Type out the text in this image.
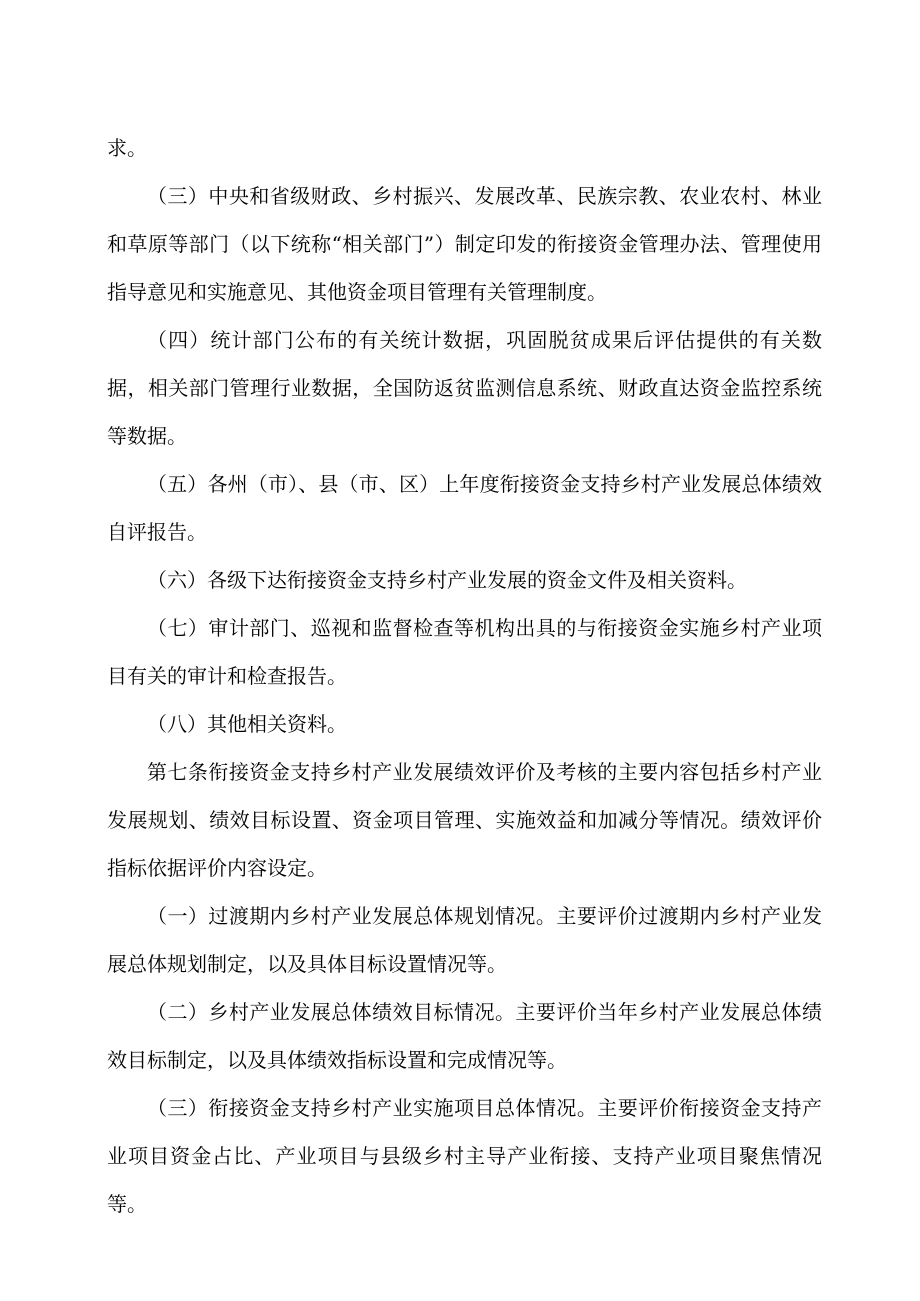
求。

（三）中央和省级财政、乡村振兴、发展改革、民族宗教、农业农村、林业和草原等部门（以下统称“相关部门”）制定印发的衔接资金管理办法、管理使用指导意见和实施意见、其他资金项目管理有关管理制度。

（四）统计部门公布的有关统计数据，巩固脱贫成果后评估提供的有关数据，相关部门管理行业数据，全国防返贫监测信息系统、财政直达资金监控系统等数据。

（五）各州（市）、县（市、区）上年度衔接资金支持乡村产业发展总体绩效自评报告。

（六）各级下达衔接资金支持乡村产业发展的资金文件及相关资料。

（七）审计部门、巡视和监督检查等机构出具的与衔接资金实施乡村产业项目有关的审计和检查报告。

（八）其他相关资料。

第七条衔接资金支持乡村产业发展绩效评价及考核的主要内容包括乡村产业发展规划、绩效目标设置、资金项目管理、实施效益和加减分等情况。绩效评价指标依据评价内容设定。

（一）过渡期内乡村产业发展总体规划情况。主要评价过渡期内乡村产业发展总体规划制定，以及具体目标设置情况等。

（二）乡村产业发展总体绩效目标情况。主要评价当年乡村产业发展总体绩效目标制定，以及具体绩效指标设置和完成情况等。

（三）衔接资金支持乡村产业实施项目总体情况。主要评价衔接资金支持产业项目资金占比、产业项目与县级乡村主导产业衔接、支持产业项目聚焦情况等。
